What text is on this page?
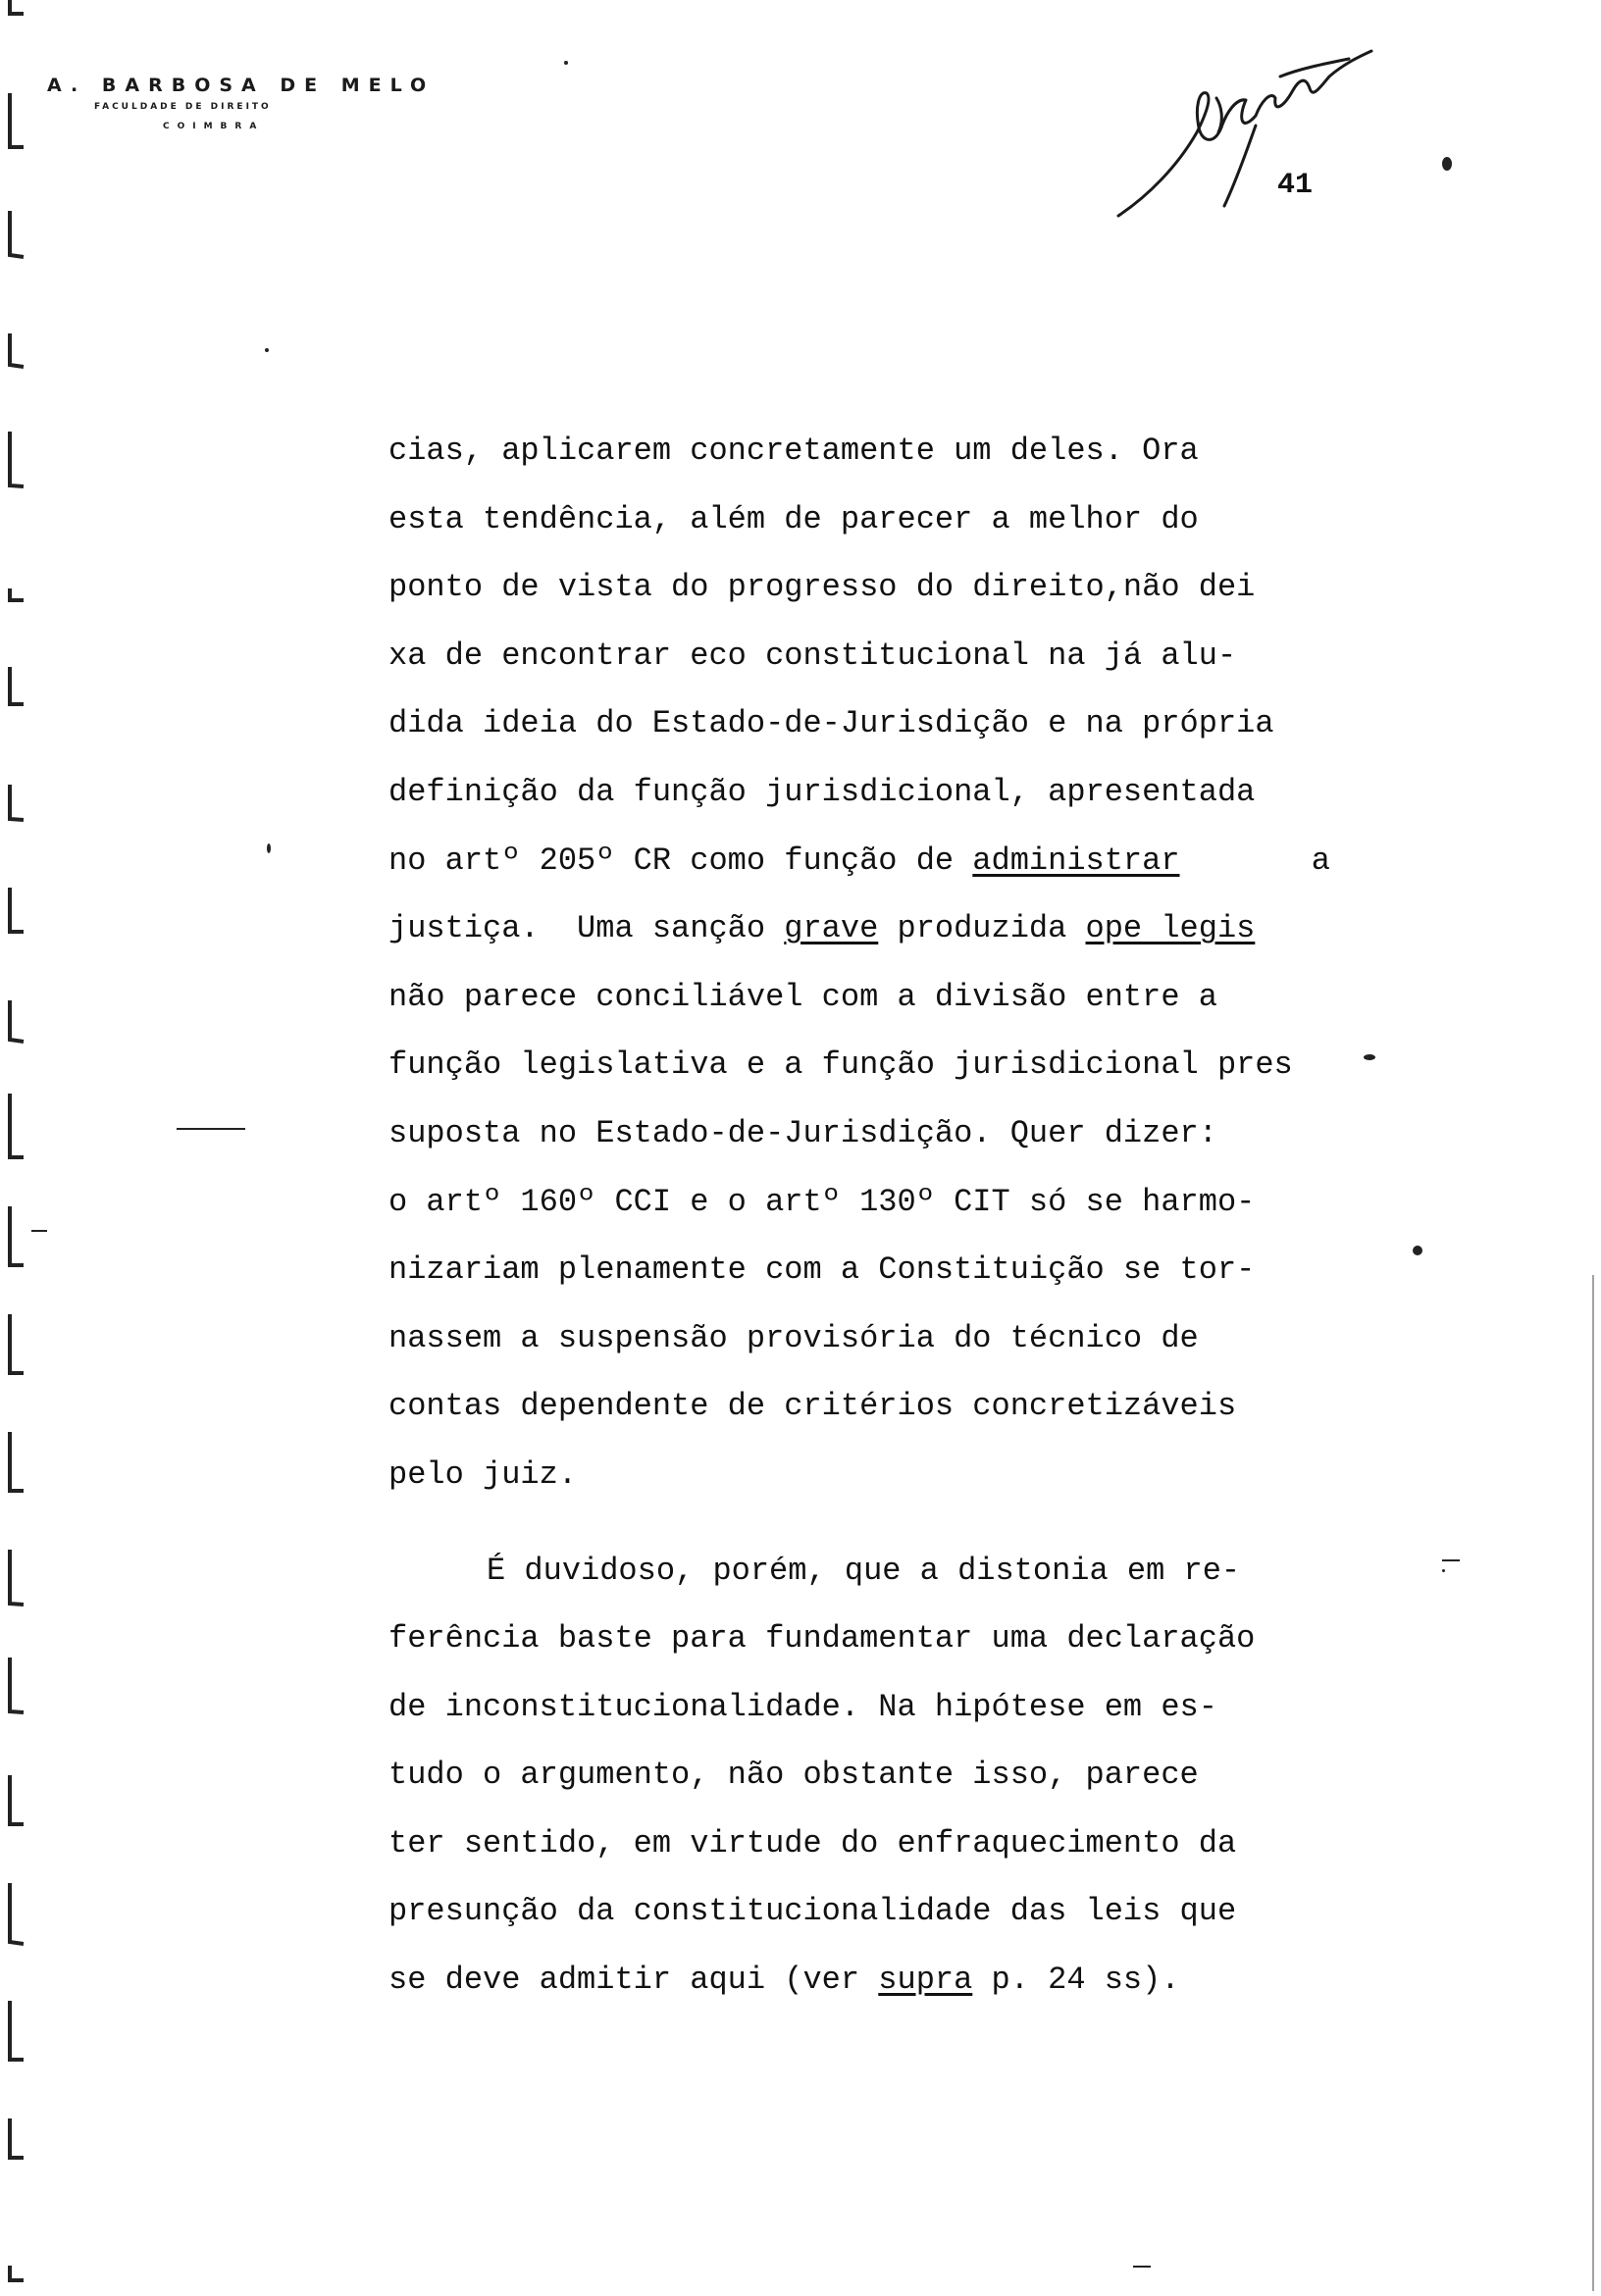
A. BARBOSA DE MELO
FACULDADE DE DIREITO
COIMBRA
41
cias, aplicarem concretamente um deles. Ora
esta tendência, além de parecer a melhor do
ponto de vista do progresso do direito,não dei
xa de encontrar eco constitucional na já alu-
dida ideia do Estado-de-Jurisdição e na própria
definição da função jurisdicional, apresentada
no artº 205º CR como função de administrar	a
justiça.  Uma sanção grave produzida ope legis
não parece conciliável com a divisão entre a
função legislativa e a função jurisdicional pres
suposta no Estado-de-Jurisdição. Quer dizer:
o artº 160º CCI e o artº 130º CIT só se harmo-
nizariam plenamente com a Constituição se tor-
nassem a suspensão provisória do técnico de
contas dependente de critérios concretizáveis
pelo juiz.
É duvidoso, porém, que a distonia em re-
ferência baste para fundamentar uma declaração
de inconstitucionalidade. Na hipótese em es-
tudo o argumento, não obstante isso, parece
ter sentido, em virtude do enfraquecimento da
presunção da constitucionalidade das leis que
se deve admitir aqui (ver supra p. 24 ss).
